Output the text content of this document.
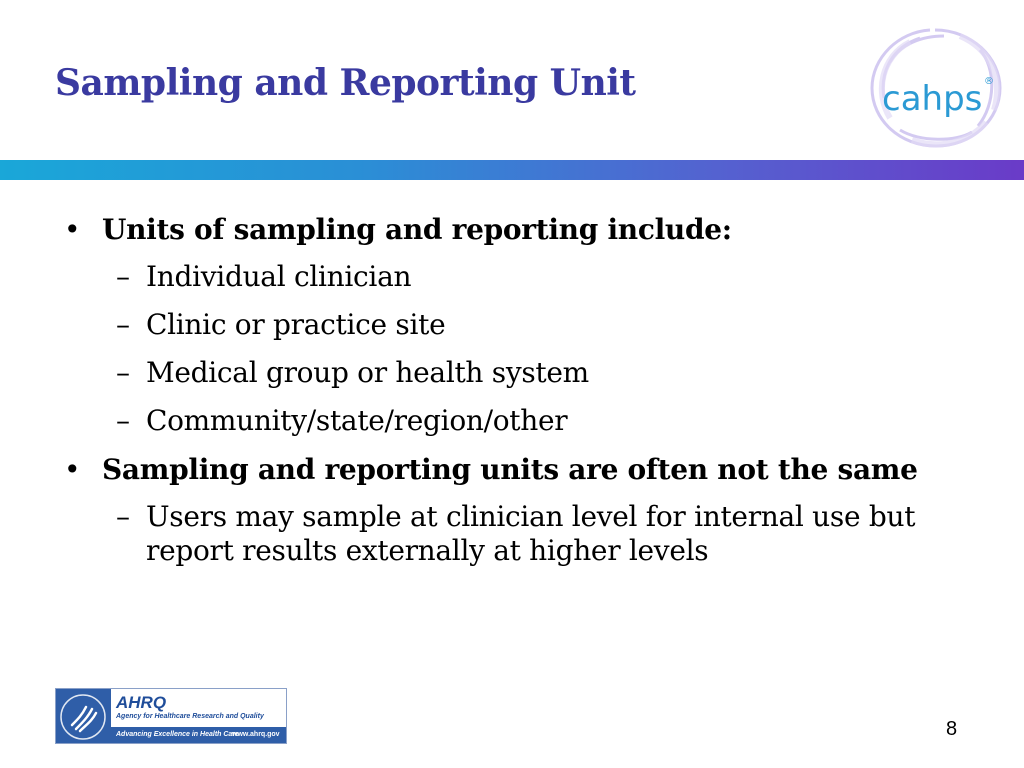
Sampling and Reporting Unit	cahps ®
• Units of sampling and reporting include:
– Individual clinician
– Clinic or practice site
– Medical group or health system
– Community/state/region/other
• Sampling and reporting units are often not the same
– Users may sample at clinician level for internal use but report results externally at higher levels
AHRQ
Agency for Healthcare Research and Quality
Advancing Excellence in Health Care
www.ahrq.gov	8
